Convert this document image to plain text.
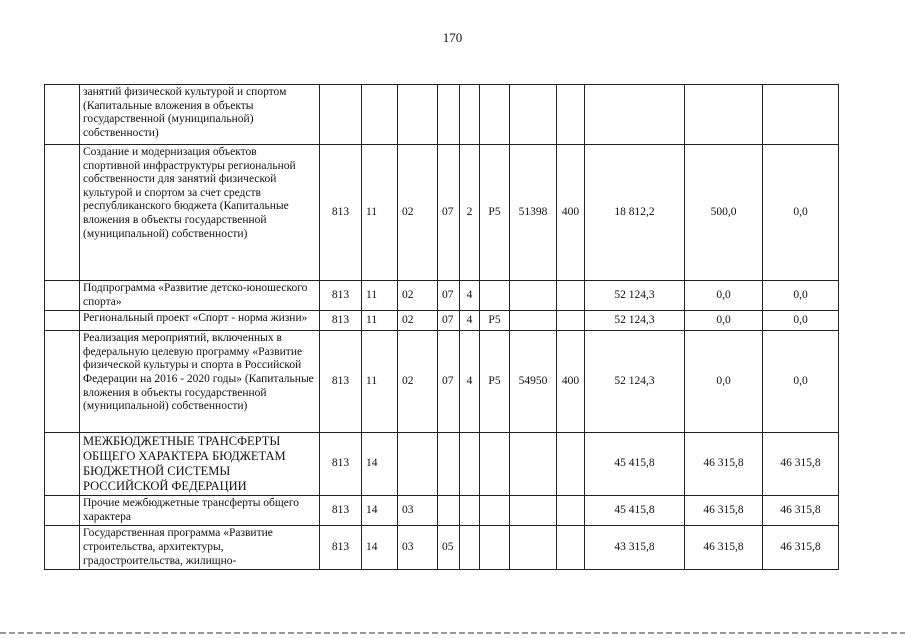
170
	занятий физической культурой и спортом (Капитальные вложения в объекты государственной (муниципальной) собственности)											
	Создание и модернизация объектов спортивной инфраструктуры региональной собственности для занятий физической культурой и спортом за счет средств республиканского бюджета (Капитальные вложения в объекты государственной (муниципальной) собственности)	813	11	02	07	2	P5	51398	400	18 812,2	500,0	0,0
	Подпрограмма «Развитие детско-юношеского спорта»	813	11	02	07	4				52 124,3	0,0	0,0
	Региональный проект «Спорт - норма жизни»	813	11	02	07	4	P5			52 124,3	0,0	0,0
	Реализация мероприятий, включенных в федеральную целевую программу «Развитие физической культуры и спорта в Российской Федерации на 2016 - 2020 годы» (Капитальные вложения в объекты государственной (муниципальной) собственности)	813	11	02	07	4	P5	54950	400	52 124,3	0,0	0,0
	МЕЖБЮДЖЕТНЫЕ ТРАНСФЕРТЫ ОБЩЕГО ХАРАКТЕРА БЮДЖЕТАМ БЮДЖЕТНОЙ СИСТЕМЫ РОССИЙСКОЙ ФЕДЕРАЦИИ	813	14							45 415,8	46 315,8	46 315,8
	Прочие межбюджетные трансферты общего характера	813	14	03						45 415,8	46 315,8	46 315,8
	Государственная программа «Развитие строительства, архитектуры, градостроительства, жилищно-	813	14	03	05					43 315,8	46 315,8	46 315,8
